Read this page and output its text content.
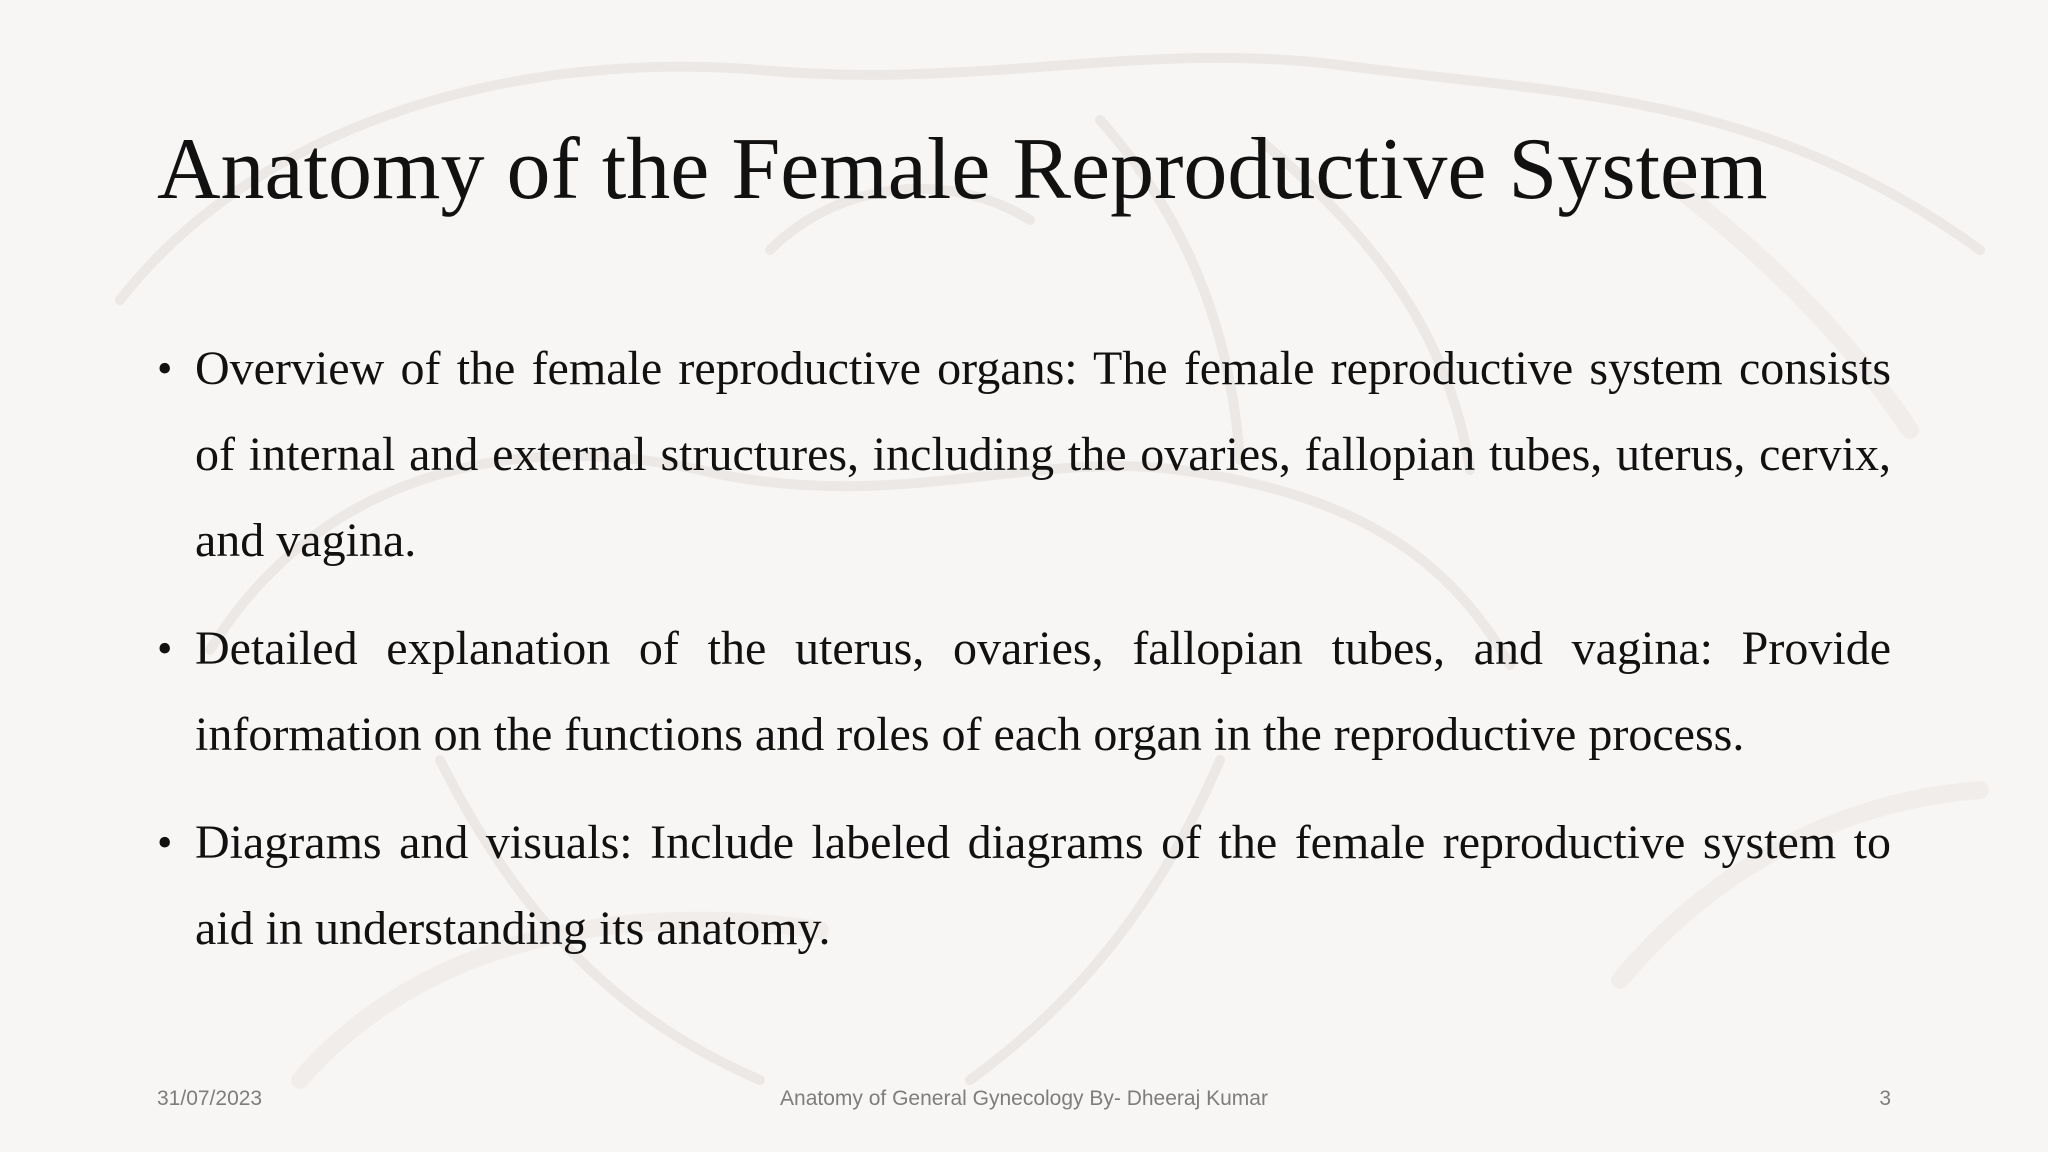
Anatomy of the Female Reproductive System
• Overview of the female reproductive organs: The female reproductive system consists of internal and external structures, including the ovaries, fallopian tubes, uterus, cervix, and vagina.
• Detailed explanation of the uterus, ovaries, fallopian tubes, and vagina: Provide information on the functions and roles of each organ in the reproductive process.
• Diagrams and visuals: Include labeled diagrams of the female reproductive system to aid in understanding its anatomy.
31/07/2023	Anatomy of General Gynecology By- Dheeraj Kumar	3
